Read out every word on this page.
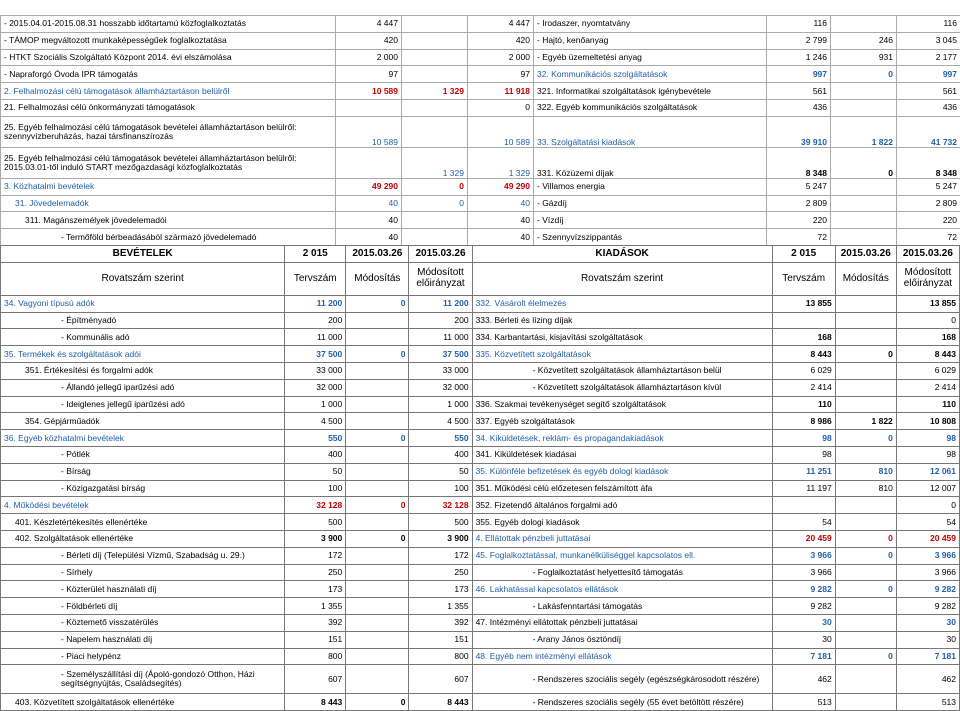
- 2015.04.01-2015.08.31 hosszabb időtartamú közfoglalkoztatás	4 447		4 447	- Irodaszer, nyomtatvány	116		116
- TÁMOP megváltozott munkaképességűek foglalkoztatása	420		420	- Hajtó, kenőanyag	2 799	246	3 045
- HTKT Szociális Szolgáltató Központ 2014. évi elszámolása	2 000		2 000	- Egyéb üzemeltetési anyag	1 246	931	2 177
- Napraforgó Óvoda IPR támogatás	97		97	32. Kommunikációs szolgáltatások	997	0	997
2. Felhalmozási célú támogatások államháztartáson belülről	10 589	1 329	11 918	321. Informatikai szolgáltatások igénybevétele	561		561
21. Felhalmozási célú önkormányzati támogatások			0	322. Egyéb kommunikációs szolgáltatások	436		436
25. Egyéb felhalmozási célú támogatások bevételei államháztartáson belülről: szennyvízberuházás, hazai társfinanszírozás	10 589		10 589	33. Szolgáltatási kiadások	39 910	1 822	41 732
25. Egyéb felhalmozási célú támogatások bevételei államháztartáson belülről: 2015.03.01-től induló START mezőgazdasági közfoglalkoztatás		1 329	1 329	331. Közüzemi díjak	8 348	0	8 348
3. Közhatalmi bevételek	49 290	0	49 290	- Villamos energia	5 247		5 247
31. Jövedelemadók	40	0	40	- Gázdíj	2 809		2 809
311. Magánszemélyek jövedelemadói	40		40	- Vízdíj	220		220
- Termőföld bérbeadásából származó jövedelemadó	40		40	- Szennyvízszippantás	72		72
BEVÉTELEK	2 015	2015.03.26	2015.03.26	KIADÁSOK	2 015	2015.03.26	2015.03.26
Rovatszám szerint	Tervszám	Módosítás	Módosított előirányzat	Rovatszám szerint	Tervszám	Módosítás	Módosított előirányzat
34. Vagyoni típusú adók	11 200	0	11 200	332. Vásárolt élelmezés	13 855		13 855
- Építményadó	200		200	333. Bérleti és lízing díjak			0
- Kommunális adó	11 000		11 000	334. Karbantartási, kisjavítási szolgáltatások	168		168
35. Termékek és szolgáltatások adói	37 500	0	37 500	335. Közvetített szolgáltatások	8 443	0	8 443
351. Értékesítési és forgalmi adók	33 000		33 000	- Közvetített szolgáltatások államháztartáson belül	6 029		6 029
- Állandó jellegű iparűzési adó	32 000		32 000	- Közvetített szolgáltatások államháztartáson kívül	2 414		2 414
- Ideiglenes jellegű iparűzési adó	1 000		1 000	336. Szakmai tevékenységet segítő szolgáltatások	110		110
354. Gépjárműadók	4 500		4 500	337. Egyéb szolgáltatások	8 986	1 822	10 808
36. Egyéb közhatalmi bevételek	550	0	550	34. Kiküldetések, reklám- és propagandakiadások	98	0	98
- Pótlék	400		400	341. Kiküldetések kiadásai	98		98
- Bírság	50		50	35. Különféle befizetések és egyéb dologi kiadások	11 251	810	12 061
- Közigazgatási bírság	100		100	351. Működési célú előzetesen felszámított áfa	11 197	810	12 007
4. Működési bevételek	32 128	0	32 128	352. Fizetendő általános forgalmi adó			0
401. Készletértékesítés ellenértéke	500		500	355. Egyéb dologi kiadások	54		54
402. Szolgáltatások ellenértéke	3 900	0	3 900	4. Ellátottak pénzbeli juttatásai	20 459	0	20 459
- Bérleti díj (Települési Vízmű, Szabadság u. 29.)	172		172	45. Foglalkoztatással, munkanélküliséggel kapcsolatos ell.	3 966	0	3 966
- Sírhely	250		250	- Foglalkoztatást helyettesítő támogatás	3 966		3 966
- Közterület használati díj	173		173	46. Lakhatással kapcsolatos ellátások	9 282	0	9 282
- Földbérleti díj	1 355		1 355	- Lakásfenntartási támogatás	9 282		9 282
- Köztemető visszatérülés	392		392	47. Intézményi ellátottak pénzbeli juttatásai	30		30
- Napelem használati díj	151		151	- Arany János ösztöndíj	30		30
- Piaci helypénz	800		800	48. Egyéb nem intézményi ellátások	7 181	0	7 181
- Személyszállítási díj (Ápoló-gondozó Otthon, Házi segítségnyújtás, Családsegítés)	607		607	- Rendszeres szociális segély (egészségkárosodott részére)	462		462
403. Közvetített szolgáltatások ellenértéke	8 443	0	8 443	- Rendszeres szociális segély (55 évet betöltött részére)	513		513
